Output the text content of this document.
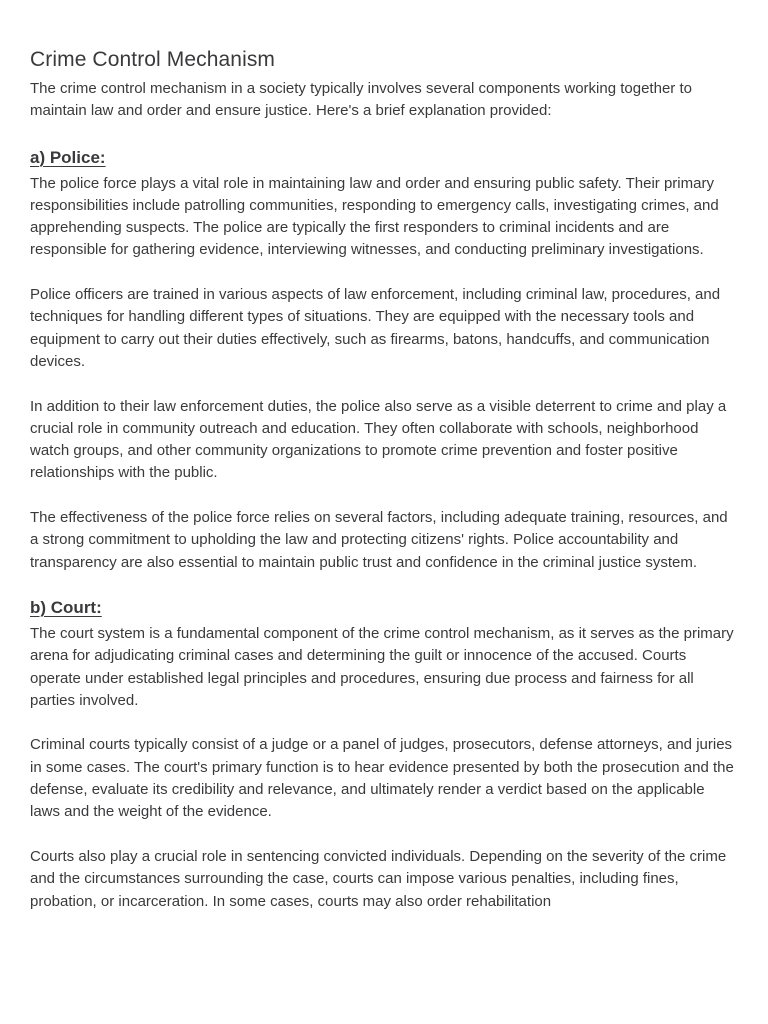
Crime Control Mechanism

The crime control mechanism in a society typically involves several components working together to maintain law and order and ensure justice. Here's a brief explanation provided:

a) Police:

The police force plays a vital role in maintaining law and order and ensuring public safety. Their primary responsibilities include patrolling communities, responding to emergency calls, investigating crimes, and apprehending suspects. The police are typically the first responders to criminal incidents and are responsible for gathering evidence, interviewing witnesses, and conducting preliminary investigations.

Police officers are trained in various aspects of law enforcement, including criminal law, procedures, and techniques for handling different types of situations. They are equipped with the necessary tools and equipment to carry out their duties effectively, such as firearms, batons, handcuffs, and communication devices.

In addition to their law enforcement duties, the police also serve as a visible deterrent to crime and play a crucial role in community outreach and education. They often collaborate with schools, neighborhood watch groups, and other community organizations to promote crime prevention and foster positive relationships with the public.

The effectiveness of the police force relies on several factors, including adequate training, resources, and a strong commitment to upholding the law and protecting citizens' rights. Police accountability and transparency are also essential to maintain public trust and confidence in the criminal justice system.

b) Court:

The court system is a fundamental component of the crime control mechanism, as it serves as the primary arena for adjudicating criminal cases and determining the guilt or innocence of the accused. Courts operate under established legal principles and procedures, ensuring due process and fairness for all parties involved.

Criminal courts typically consist of a judge or a panel of judges, prosecutors, defense attorneys, and juries in some cases. The court's primary function is to hear evidence presented by both the prosecution and the defense, evaluate its credibility and relevance, and ultimately render a verdict based on the applicable laws and the weight of the evidence.

Courts also play a crucial role in sentencing convicted individuals. Depending on the severity of the crime and the circumstances surrounding the case, courts can impose various penalties, including fines, probation, or incarceration. In some cases, courts may also order rehabilitation
